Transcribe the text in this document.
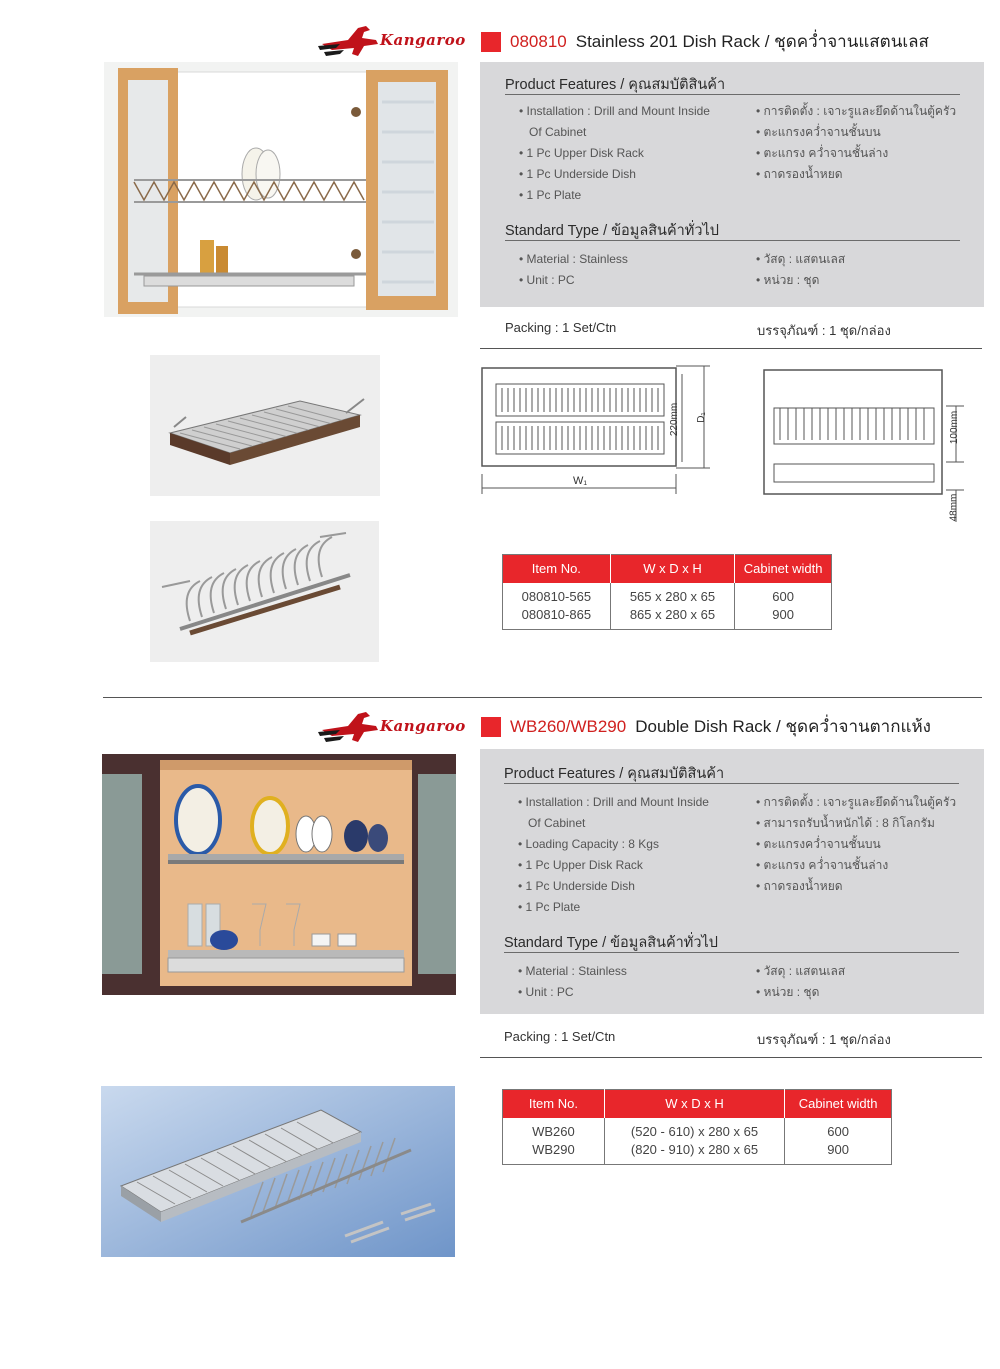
Kangaroo	080810 Stainless 201 Dish Rack / ชุดคว่ำจานแสตนเลส
Product Features / คุณสมบัติสินค้า
• Installation : Drill and Mount Inside
Of Cabinet
• 1 Pc Upper Disk Rack
• 1 Pc Underside Dish
• 1 Pc Plate
• การติดตั้ง : เจาะรูและยึดด้านในตู้ครัว
• ตะแกรงคว่ำจานชั้นบน
• ตะแกรง คว่ำจานชั้นล่าง
• ถาดรองน้ำหยด
Standard Type / ข้อมูลสินค้าทั่วไป
• Material : Stainless
• Unit : PC
• วัสดุ : แสตนเลส
• หน่วย : ชุด
Packing : 1 Set/Ctn	บรรจุภัณฑ์ : 1 ชุด/กล่อง
W₁
220mm D₁	100mm
48mm
Item No.	W x D x H	Cabinet width
080810-565	565 x 280 x 65	600
080810-865	865 x 280 x 65	900
Kangaroo	WB260/WB290 Double Dish Rack / ชุดคว่ำจานตากแห้ง
Product Features / คุณสมบัติสินค้า
• Installation : Drill and Mount Inside
Of Cabinet
• Loading Capacity : 8 Kgs
• 1 Pc Upper Disk Rack
• 1 Pc Underside Dish
• 1 Pc Plate
• การติดตั้ง : เจาะรูและยึดด้านในตู้ครัว
• สามารถรับน้ำหนักได้ : 8 กิโลกรัม
• ตะแกรงคว่ำจานชั้นบน
• ตะแกรง คว่ำจานชั้นล่าง
• ถาดรองน้ำหยด
Standard Type / ข้อมูลสินค้าทั่วไป
• Material : Stainless
• Unit : PC
• วัสดุ : แสตนเลส
• หน่วย : ชุด
Packing : 1 Set/Ctn	บรรจุภัณฑ์ : 1 ชุด/กล่อง
Item No.	W x D x H	Cabinet width
WB260	(520 - 610) x 280 x 65	600
WB290	(820 - 910) x 280 x 65	900
